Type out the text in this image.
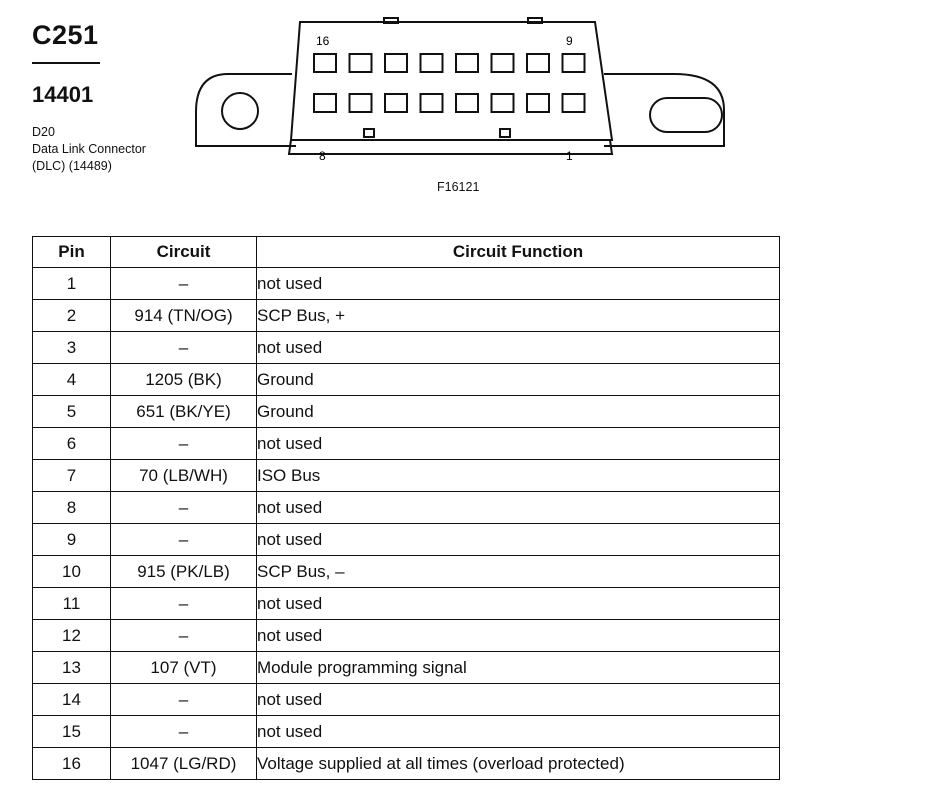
C251
14401
D20
Data Link Connector
(DLC) (14489)
16	9
8	1
F16121
Pin	Circuit	Circuit Function
1	–	not used
2	914 (TN/OG)	SCP Bus, +
3	–	not used
4	1205 (BK)	Ground
5	651 (BK/YE)	Ground
6	–	not used
7	70 (LB/WH)	ISO Bus
8	–	not used
9	–	not used
10	915 (PK/LB)	SCP Bus, –
11	–	not used
12	–	not used
13	107 (VT)	Module programming signal
14	–	not used
15	–	not used
16	1047 (LG/RD)	Voltage supplied at all times (overload protected)
